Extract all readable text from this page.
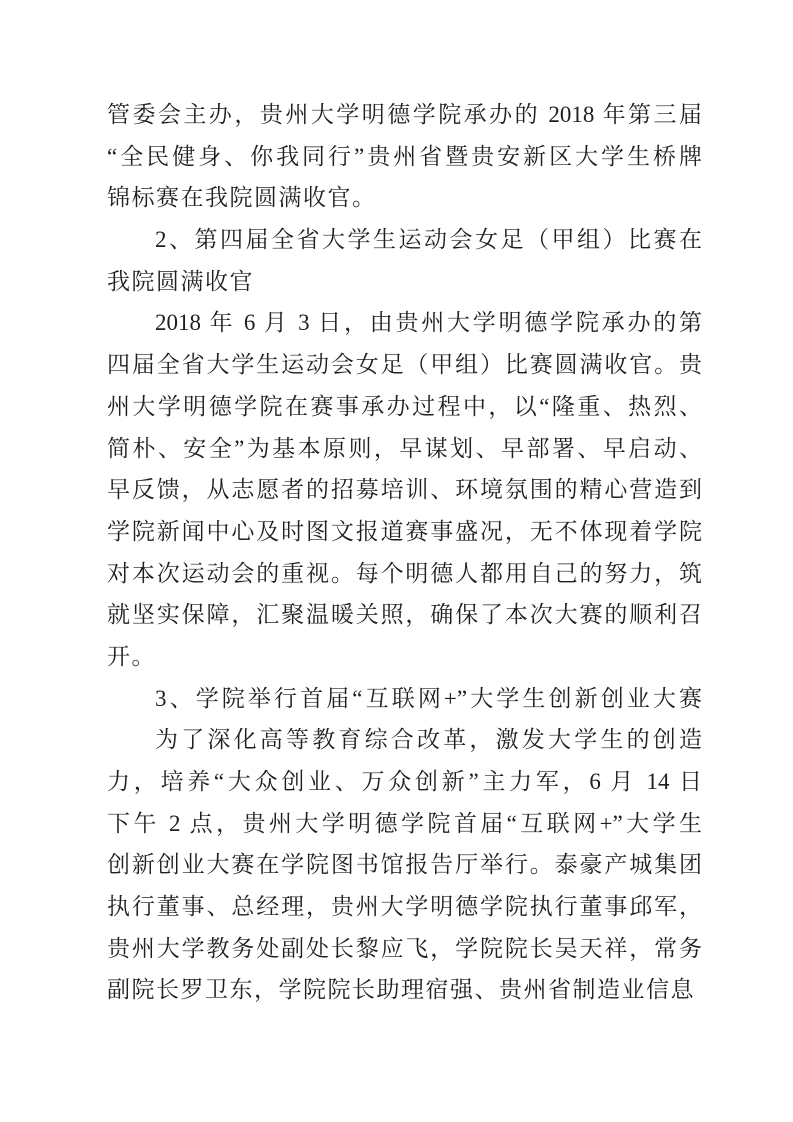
管委会主办，贵州大学明德学院承办的 2018 年第三届
“全民健身、你我同行”贵州省暨贵安新区大学生桥牌
锦标赛在我院圆满收官。
2、第四届全省大学生运动会女足（甲组）比赛在
我院圆满收官
2018 年 6 月 3 日，由贵州大学明德学院承办的第
四届全省大学生运动会女足（甲组）比赛圆满收官。贵
州大学明德学院在赛事承办过程中，以“隆重、热烈、
简朴、安全”为基本原则，早谋划、早部署、早启动、
早反馈，从志愿者的招募培训、环境氛围的精心营造到
学院新闻中心及时图文报道赛事盛况，无不体现着学院
对本次运动会的重视。每个明德人都用自己的努力，筑
就坚实保障，汇聚温暖关照，确保了本次大赛的顺利召
开。
3、学院举行首届“互联网+”大学生创新创业大赛
为了深化高等教育综合改革，激发大学生的创造
力，培养“大众创业、万众创新”主力军，6 月 14 日
下午 2 点，贵州大学明德学院首届“互联网+”大学生
创新创业大赛在学院图书馆报告厅举行。泰豪产城集团
执行董事、总经理，贵州大学明德学院执行董事邱军，
贵州大学教务处副处长黎应飞，学院院长吴天祥，常务
副院长罗卫东，学院院长助理宿强、贵州省制造业信息
